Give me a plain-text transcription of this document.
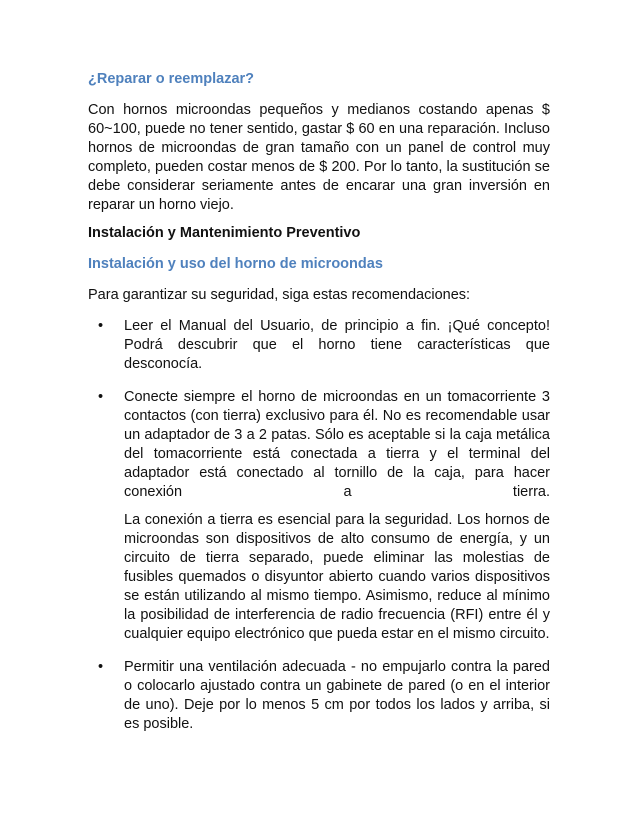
¿Reparar o reemplazar?

Con hornos microondas pequeños y medianos costando apenas $ 60~100, puede no tener sentido, gastar $ 60 en una reparación. Incluso hornos de microondas de gran tamaño con un panel de control muy completo, pueden costar menos de $ 200. Por lo tanto, la sustitución se debe considerar seriamente antes de encarar una gran inversión en reparar un horno viejo.

Instalación y Mantenimiento Preventivo
Instalación y uso del horno de microondas

Para garantizar su seguridad, siga estas recomendaciones:

• Leer el Manual del Usuario, de principio a fin. ¡Qué concepto! Podrá descubrir que el horno tiene características que desconocía.
• Conecte siempre el horno de microondas en un tomacorriente 3 contactos (con tierra) exclusivo para él. No es recomendable usar un adaptador de 3 a 2 patas. Sólo es aceptable si la caja metálica del tomacorriente está conectada a tierra y el terminal del adaptador está conectado al tornillo de la caja, para hacer conexión a tierra.
La conexión a tierra es esencial para la seguridad. Los hornos de microondas son dispositivos de alto consumo de energía, y un circuito de tierra separado, puede eliminar las molestias de fusibles quemados o disyuntor abierto cuando varios dispositivos se están utilizando al mismo tiempo. Asimismo, reduce al mínimo la posibilidad de interferencia de radio frecuencia (RFI) entre él y cualquier equipo electrónico que pueda estar en el mismo circuito.
• Permitir una ventilación adecuada - no empujarlo contra la pared o colocarlo ajustado contra un gabinete de pared (o en el interior de uno). Deje por lo menos 5 cm por todos los lados y arriba, si es posible.
